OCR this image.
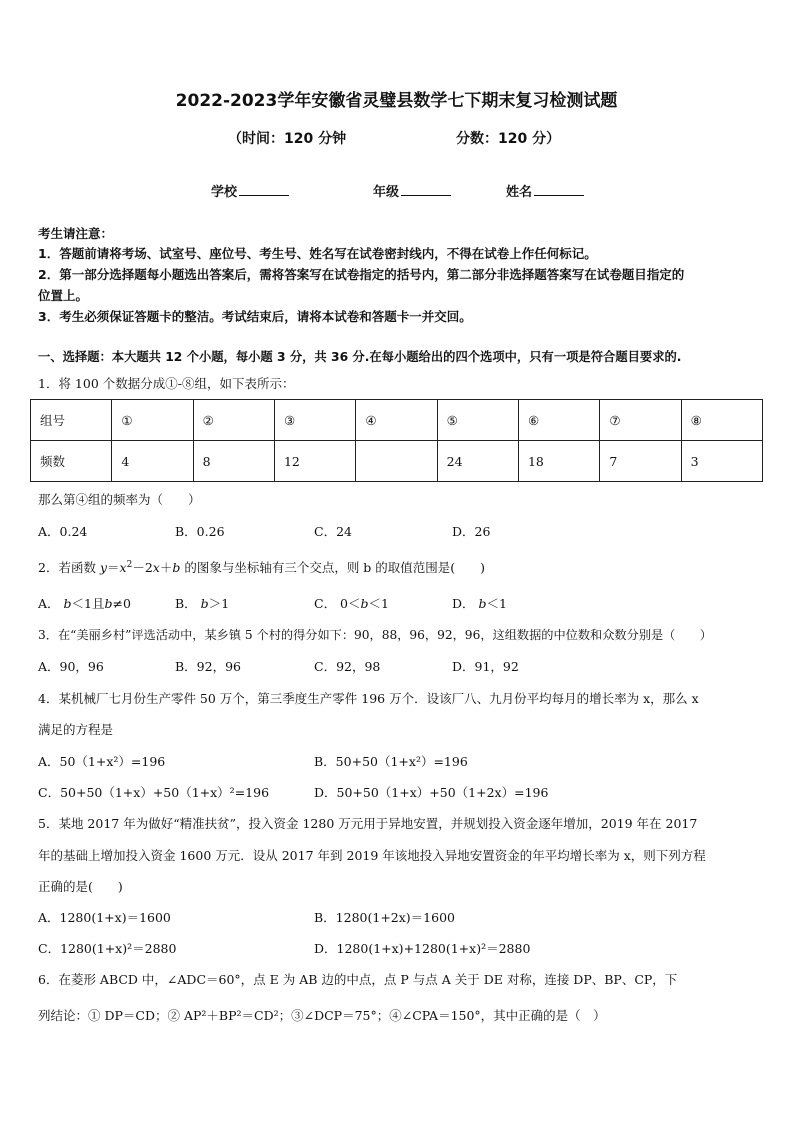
2022-2023学年安徽省灵璧县数学七下期末复习检测试题
（时间：120 分钟	分数：120 分）
学校	年级	姓名
考生请注意：
1．答题前请将考场、试室号、座位号、考生号、姓名写在试卷密封线内，不得在试卷上作任何标记。
2．第一部分选择题每小题选出答案后，需将答案写在试卷指定的括号内，第二部分非选择题答案写在试卷题目指定的
位置上。
3．考生必须保证答题卡的整洁。考试结束后，请将本试卷和答题卡一并交回。
一、选择题：本大题共 12 个小题，每小题 3 分，共 36 分.在每小题给出的四个选项中，只有一项是符合题目要求的.
1．将 100 个数据分成①-⑧组，如下表所示：
组号	①	②	③	④	⑤	⑥	⑦	⑧
频数	4	8	12		24	18	7	3
那么第④组的频率为（　　）
A．0.24	B．0.26	C．24	D．26
2．若函数 $y=x^2-2x+b$ 的图象与坐标轴有三个交点，则 b 的取值范围是(　　)
A． b＜1且b≠0	B． b＞1	C． 0＜b＜1	D． b＜1
3．在“美丽乡村”评选活动中，某乡镇 5 个村的得分如下：90，88，96，92，96，这组数据的中位数和众数分别是（　　）
A．90，96	B．92，96	C．92，98	D．91，92
4．某机械厂七月份生产零件 50 万个，第三季度生产零件 196 万个．设该厂八、九月份平均每月的增长率为 x，那么 x
满足的方程是
A．50（1+x²）=196	B．50+50（1+x²）=196
C．50+50（1+x）+50（1+x）²=196	D．50+50（1+x）+50（1+2x）=196
5．某地 2017 年为做好“精准扶贫”，投入资金 1280 万元用于异地安置，并规划投入资金逐年增加，2019 年在 2017
年的基础上增加投入资金 1600 万元．设从 2017 年到 2019 年该地投入异地安置资金的年平均增长率为 x，则下列方程
正确的是(　　)
A．1280(1+x)＝1600	B．1280(1+2x)＝1600
C．1280(1+x)²＝2880	D．1280(1+x)+1280(1+x)²＝2880
6．在菱形 ABCD 中，∠ADC＝60°，点 E 为 AB 边的中点，点 P 与点 A 关于 DE 对称，连接 DP、BP、CP，下
列结论：① DP＝CD；② AP²＋BP²＝CD²；③∠DCP＝75°；④∠CPA＝150°，其中正确的是（　）
